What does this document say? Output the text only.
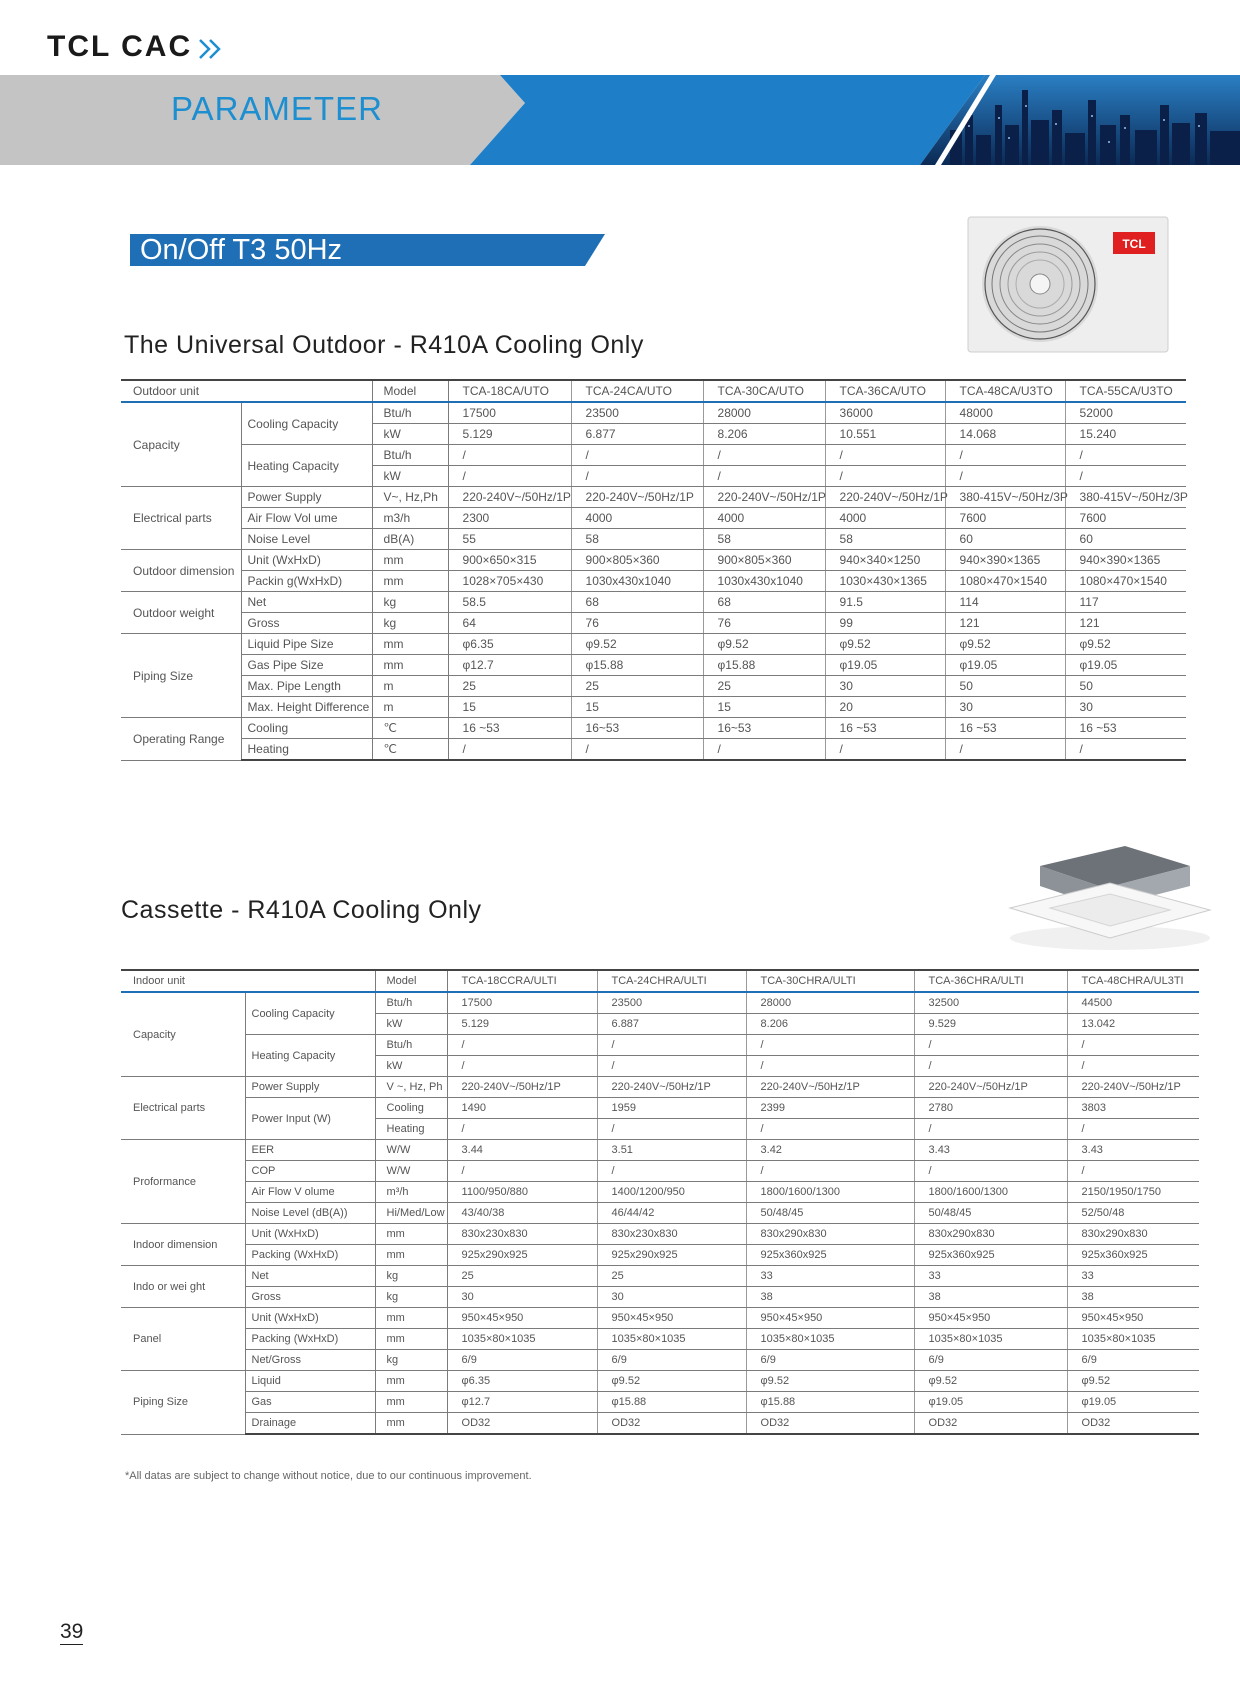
TCL CAC
PARAMETER
On/Off T3 50Hz	TCL
The Universal Outdoor - R410A Cooling Only
Outdoor unit		Model	TCA-18CA/UTO	TCA-24CA/UTO	TCA-30CA/UTO	TCA-36CA/UTO	TCA-48CA/U3TO	TCA-55CA/U3TO
Capacity	Cooling Capacity	Btu/h	17500	23500	28000	36000	48000	52000
		kW	5.129	6.877	8.206	10.551	14.068	15.240
	Heating Capacity	Btu/h	/	/	/	/	/	/
		kW	/	/	/	/	/	/
Electrical parts	Power Supply	V~, Hz,Ph	220-240V~/50Hz/1P	220-240V~/50Hz/1P	220-240V~/50Hz/1P	220-240V~/50Hz/1P	380-415V~/50Hz/3P	380-415V~/50Hz/3P
	Air Flow Vol ume	m3/h	2300	4000	4000	4000	7600	7600
	Noise Level	dB(A)	55	58	58	58	60	60
Outdoor dimension	Unit (WxHxD)	mm	900×650×315	900×805×360	900×805×360	940×340×1250	940×390×1365	940×390×1365
	Packin g(WxHxD)	mm	1028×705×430	1030x430x1040	1030x430x1040	1030×430×1365	1080×470×1540	1080×470×1540
Outdoor weight	Net	kg	58.5	68	68	91.5	114	117
	Gross	kg	64	76	76	99	121	121
Piping Size	Liquid Pipe Size	mm	φ6.35	φ9.52	φ9.52	φ9.52	φ9.52	φ9.52
	Gas Pipe Size	mm	φ12.7	φ15.88	φ15.88	φ19.05	φ19.05	φ19.05
	Max. Pipe Length	m	25	25	25	30	50	50
	Max. Height Difference	m	15	15	15	20	30	30
Operating Range	Cooling	℃	16 ~53	16~53	16~53	16 ~53	16 ~53	16 ~53
	Heating	℃	/	/	/	/	/	/
Cassette - R410A Cooling Only
Indoor unit		Model	TCA-18CCRA/ULTI	TCA-24CHRA/ULTI	TCA-30CHRA/ULTI	TCA-36CHRA/ULTI	TCA-48CHRA/UL3TI
Capacity	Cooling Capacity	Btu/h	17500	23500	28000	32500	44500
		kW	5.129	6.887	8.206	9.529	13.042
	Heating Capacity	Btu/h	/	/	/	/	/
		kW	/	/	/	/	/
Electrical parts	Power Supply	V ~, Hz, Ph	220-240V~/50Hz/1P	220-240V~/50Hz/1P	220-240V~/50Hz/1P	220-240V~/50Hz/1P	220-240V~/50Hz/1P
	Power Input (W)	Cooling	1490	1959	2399	2780	3803
		Heating	/	/	/	/	/
Proformance	EER	W/W	3.44	3.51	3.42	3.43	3.43
	COP	W/W	/	/	/	/	/
	Air Flow V olume	m³/h	1100/950/880	1400/1200/950	1800/1600/1300	1800/1600/1300	2150/1950/1750
	Noise Level (dB(A))	Hi/Med/Low	43/40/38	46/44/42	50/48/45	50/48/45	52/50/48
Indoor dimension	Unit (WxHxD)	mm	830x230x830	830x230x830	830x290x830	830x290x830	830x290x830
	Packing (WxHxD)	mm	925x290x925	925x290x925	925x360x925	925x360x925	925x360x925
Indo or wei ght	Net	kg	25	25	33	33	33
	Gross	kg	30	30	38	38	38
Panel	Unit (WxHxD)	mm	950×45×950	950×45×950	950×45×950	950×45×950	950×45×950
	Packing (WxHxD)	mm	1035×80×1035	1035×80×1035	1035×80×1035	1035×80×1035	1035×80×1035
	Net/Gross	kg	6/9	6/9	6/9	6/9	6/9
Piping Size	Liquid	mm	φ6.35	φ9.52	φ9.52	φ9.52	φ9.52
	Gas	mm	φ12.7	φ15.88	φ15.88	φ19.05	φ19.05
	Drainage	mm	OD32	OD32	OD32	OD32	OD32
*All datas are subject to change without notice, due to our continuous improvement.
39
